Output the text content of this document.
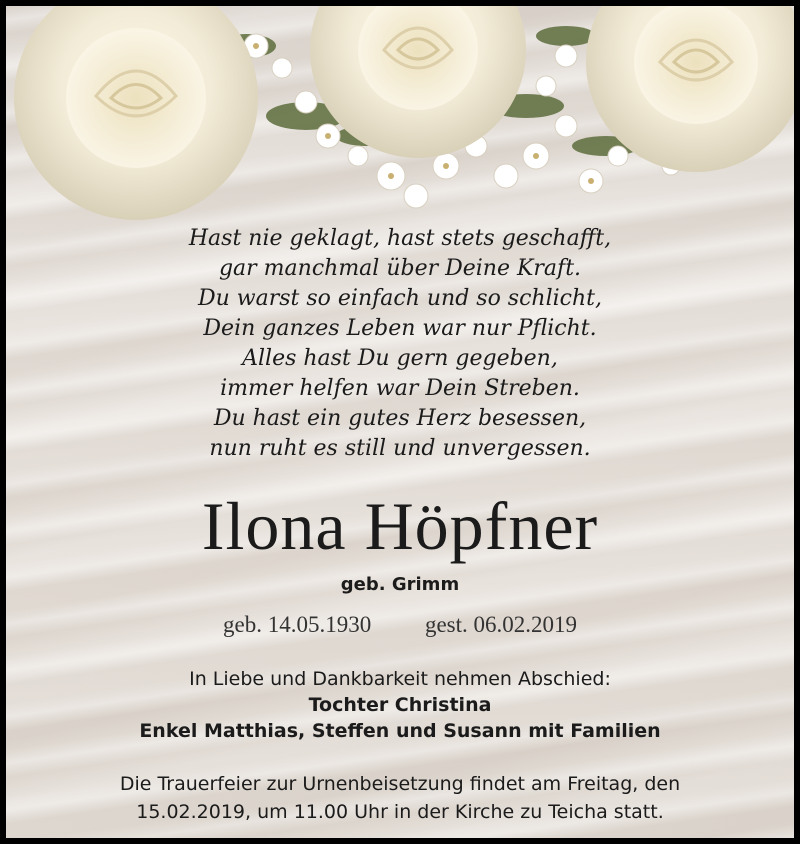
Hast nie geklagt, hast stets geschafft,
gar manchmal über Deine Kraft.
Du warst so einfach und so schlicht,
Dein ganzes Leben war nur Pflicht.
Alles hast Du gern gegeben,
immer helfen war Dein Streben.
Du hast ein gutes Herz besessen,
nun ruht es still und unvergessen.
Ilona Höpfner
geb. Grimm
geb. 14.05.1930 gest. 06.02.2019
In Liebe und Dankbarkeit nehmen Abschied:
Tochter Christina
Enkel Matthias, Steffen und Susann mit Familien
Die Trauerfeier zur Urnenbeisetzung findet am Freitag, den
15.02.2019, um 11.00 Uhr in der Kirche zu Teicha statt.
